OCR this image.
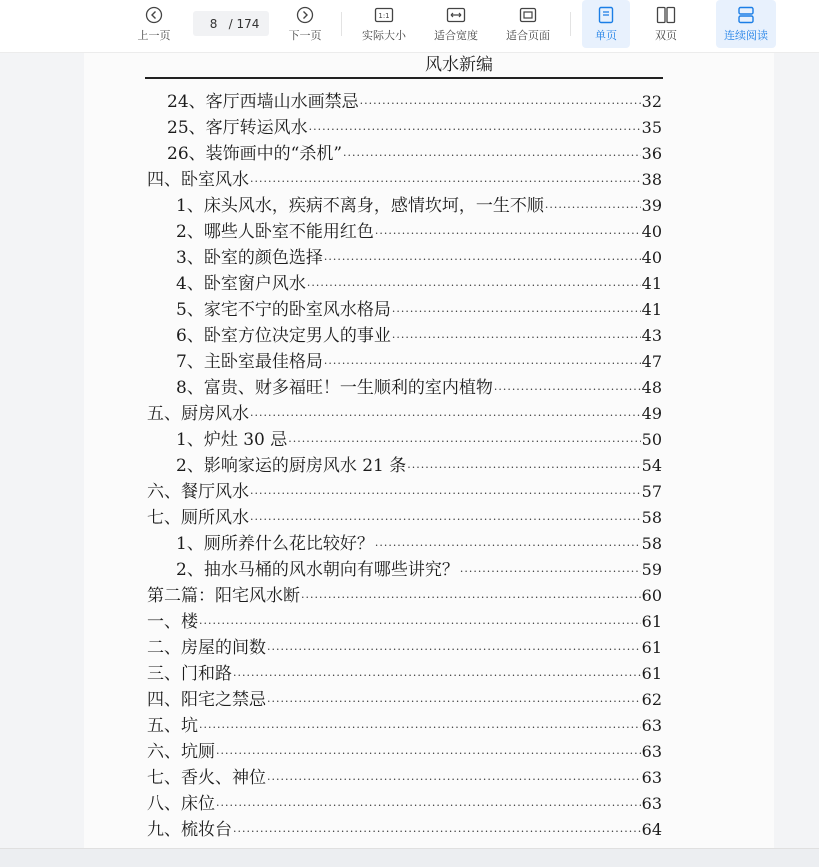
上一页
8
/ 174
下一页
1:1
实际大小	适合宽度	适合页面	单页	双页	连续阅读
风水新编
24、客厅西墙山水画禁忌 ·····	32
25、客厅转运风水 ·····	35
26、装饰画中的“杀机” ·····	36
四、卧室风水 ·····	38
1、床头风水，疾病不离身，感情坎坷，一生不顺 ·····	39
2、哪些人卧室不能用红色 ·····	40
3、卧室的颜色选择 ·····	40
4、卧室窗户风水 ·····	41
5、家宅不宁的卧室风水格局 ·····	41
6、卧室方位决定男人的事业 ·····	43
7、主卧室最佳格局 ·····	47
8、富贵、财多福旺！一生顺利的室内植物 ·····	48
五、厨房风水 ·····	49
1、炉灶 30 忌 ·····	50
2、影响家运的厨房风水 21 条 ·····	54
六、餐厅风水 ·····	57
七、厕所风水 ·····	58
1、厕所养什么花比较好？ ·····	58
2、抽水马桶的风水朝向有哪些讲究？ ·····	59
第二篇：阳宅风水断 ·····	60
一、楼 ·····	61
二、房屋的间数 ·····	61
三、门和路 ·····	61
四、阳宅之禁忌 ·····	62
五、坑 ·····	63
六、坑厕 ·····	63
七、香火、神位 ·····	63
八、床位 ·····	63
九、梳妆台 ·····	64
